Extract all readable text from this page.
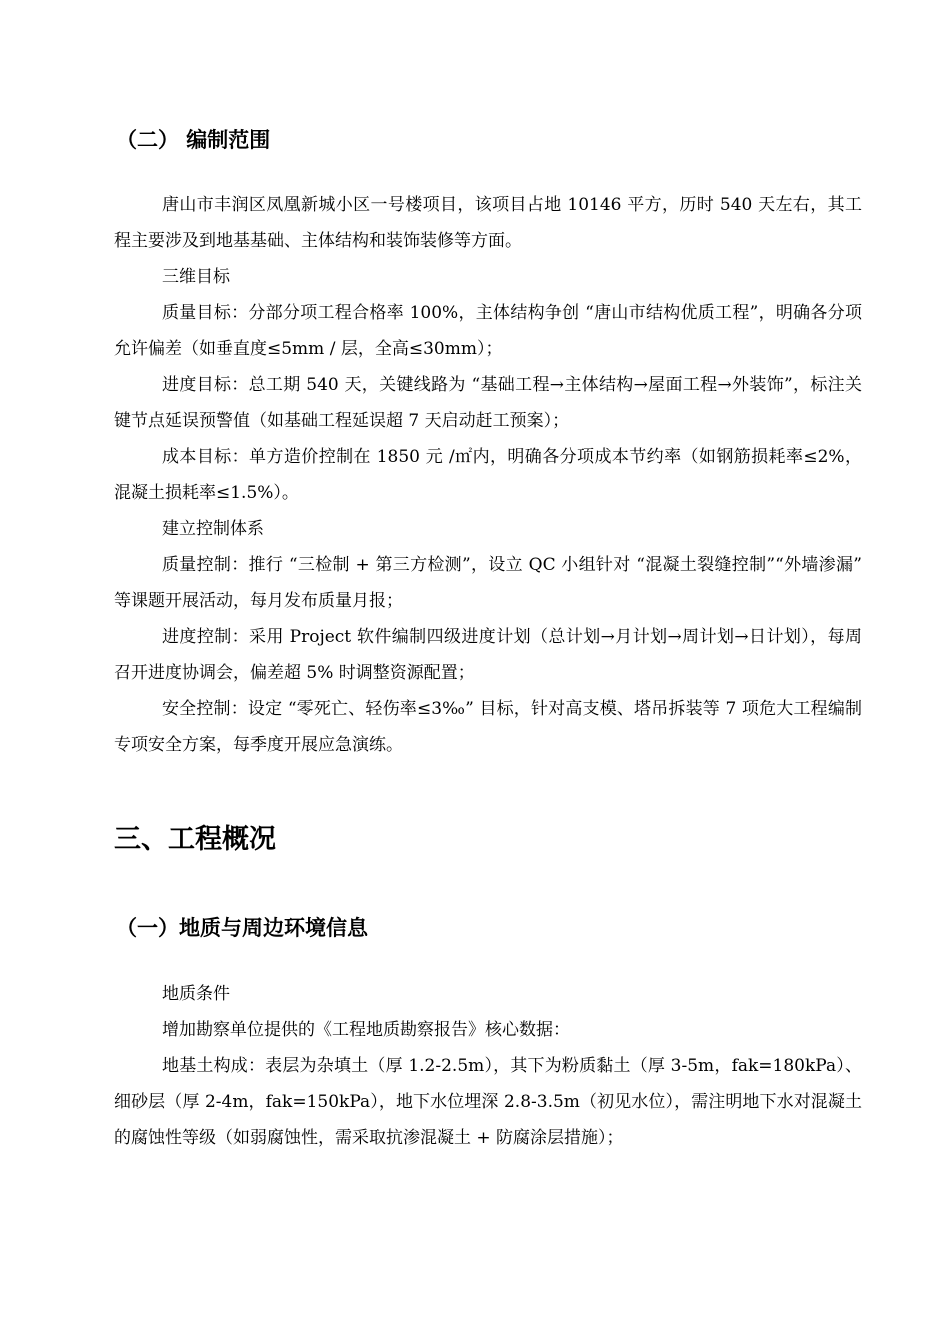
（二） 编制范围

唐山市丰润区凤凰新城小区一号楼项目，该项目占地 10146 平方，历时 540 天左右，其工程主要涉及到地基基础、主体结构和装饰装修等方面。

三维目标

质量目标：分部分项工程合格率 100%，主体结构争创 “唐山市结构优质工程”，明确各分项允许偏差（如垂直度≤5mm / 层，全高≤30mm）；

进度目标：总工期 540 天，关键线路为 “基础工程→主体结构→屋面工程→外装饰”，标注关键节点延误预警值（如基础工程延误超 7 天启动赶工预案）；

成本目标：单方造价控制在 1850 元 /㎡内，明确各分项成本节约率（如钢筋损耗率≤2%，混凝土损耗率≤1.5%）。

建立控制体系

质量控制：推行 “三检制 + 第三方检测”，设立 QC 小组针对 “混凝土裂缝控制”“外墙渗漏” 等课题开展活动，每月发布质量月报；

进度控制：采用 Project 软件编制四级进度计划（总计划→月计划→周计划→日计划），每周召开进度协调会，偏差超 5% 时调整资源配置；

安全控制：设定 “零死亡、轻伤率≤3‰” 目标，针对高支模、塔吊拆装等 7 项危大工程编制专项安全方案，每季度开展应急演练。

三、工程概况
（一）地质与周边环境信息

地质条件

增加勘察单位提供的《工程地质勘察报告》核心数据：

地基土构成：表层为杂填土（厚 1.2-2.5m），其下为粉质黏土（厚 3-5m，fak=180kPa）、细砂层（厚 2-4m，fak=150kPa），地下水位埋深 2.8-3.5m（初见水位），需注明地下水对混凝土的腐蚀性等级（如弱腐蚀性，需采取抗渗混凝土 + 防腐涂层措施）；
